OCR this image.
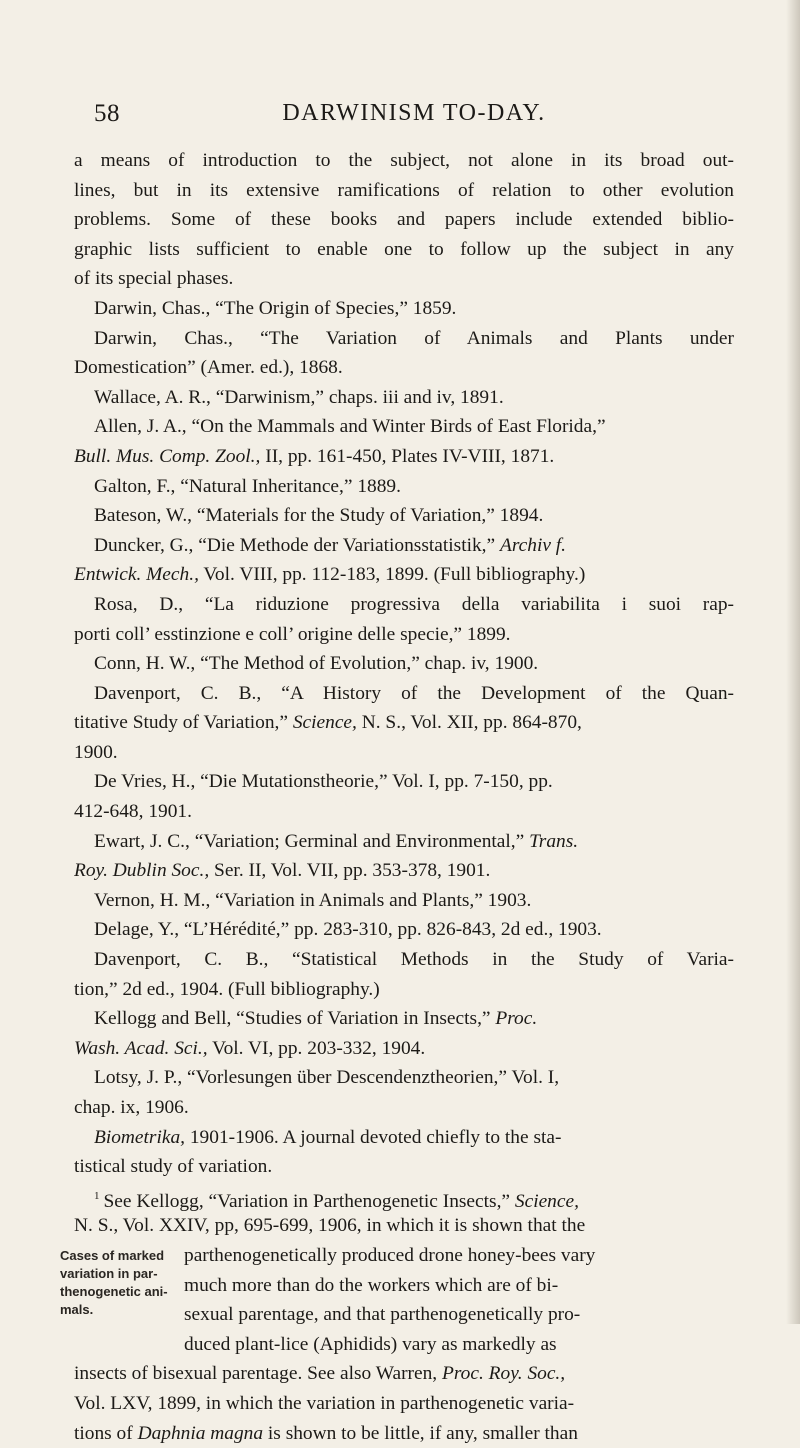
58	DARWINISM TO-DAY.
a means of introduction to the subject, not alone in its broad out-
lines, but in its extensive ramifications of relation to other evolution
problems. Some of these books and papers include extended biblio-
graphic lists sufficient to enable one to follow up the subject in any
of its special phases.
Darwin, Chas., “The Origin of Species,” 1859.
Darwin, Chas., “The Variation of Animals and Plants under
Domestication” (Amer. ed.), 1868.
Wallace, A. R., “Darwinism,” chaps. iii and iv, 1891.
Allen, J. A., “On the Mammals and Winter Birds of East Florida,”
Bull. Mus. Comp. Zool., II, pp. 161-450, Plates IV-VIII, 1871.
Galton, F., “Natural Inheritance,” 1889.
Bateson, W., “Materials for the Study of Variation,” 1894.
Duncker, G., “Die Methode der Variationsstatistik,” Archiv f.
Entwick. Mech., Vol. VIII, pp. 112-183, 1899. (Full bibliography.)
Rosa, D., “La riduzione progressiva della variabilita i suoi rap-
porti coll’ esstinzione e coll’ origine delle specie,” 1899.
Conn, H. W., “The Method of Evolution,” chap. iv, 1900.
Davenport, C. B., “A History of the Development of the Quan-
titative Study of Variation,” Science, N. S., Vol. XII, pp. 864-870,
1900.
De Vries, H., “Die Mutationstheorie,” Vol. I, pp. 7-150, pp.
412-648, 1901.
Ewart, J. C., “Variation; Germinal and Environmental,” Trans.
Roy. Dublin Soc., Ser. II, Vol. VII, pp. 353-378, 1901.
Vernon, H. M., “Variation in Animals and Plants,” 1903.
Delage, Y., “L’Hérédité,” pp. 283-310, pp. 826-843, 2d ed., 1903.
Davenport, C. B., “Statistical Methods in the Study of Varia-
tion,” 2d ed., 1904. (Full bibliography.)
Kellogg and Bell, “Studies of Variation in Insects,” Proc.
Wash. Acad. Sci., Vol. VI, pp. 203-332, 1904.
Lotsy, J. P., “Vorlesungen über Descendenztheorien,” Vol. I,
chap. ix, 1906.
Biometrika, 1901-1906. A journal devoted chiefly to the sta-
tistical study of variation.
$^1$ See Kellogg, “Variation in Parthenogenetic Insects,” Science,
N. S., Vol. XXIV, pp, 695-699, 1906, in which it is shown that the
Cases of marked variation in par-thenogenetic ani-mals.
parthenogenetically produced drone honey-bees vary
much more than do the workers which are of bi-
sexual parentage, and that parthenogenetically pro-
duced plant-lice (Aphidids) vary as markedly as
insects of bisexual parentage. See also Warren, Proc. Roy. Soc.,
Vol. LXV, 1899, in which the variation in parthenogenetic varia-
tions of Daphnia magna is shown to be little, if any, smaller than
